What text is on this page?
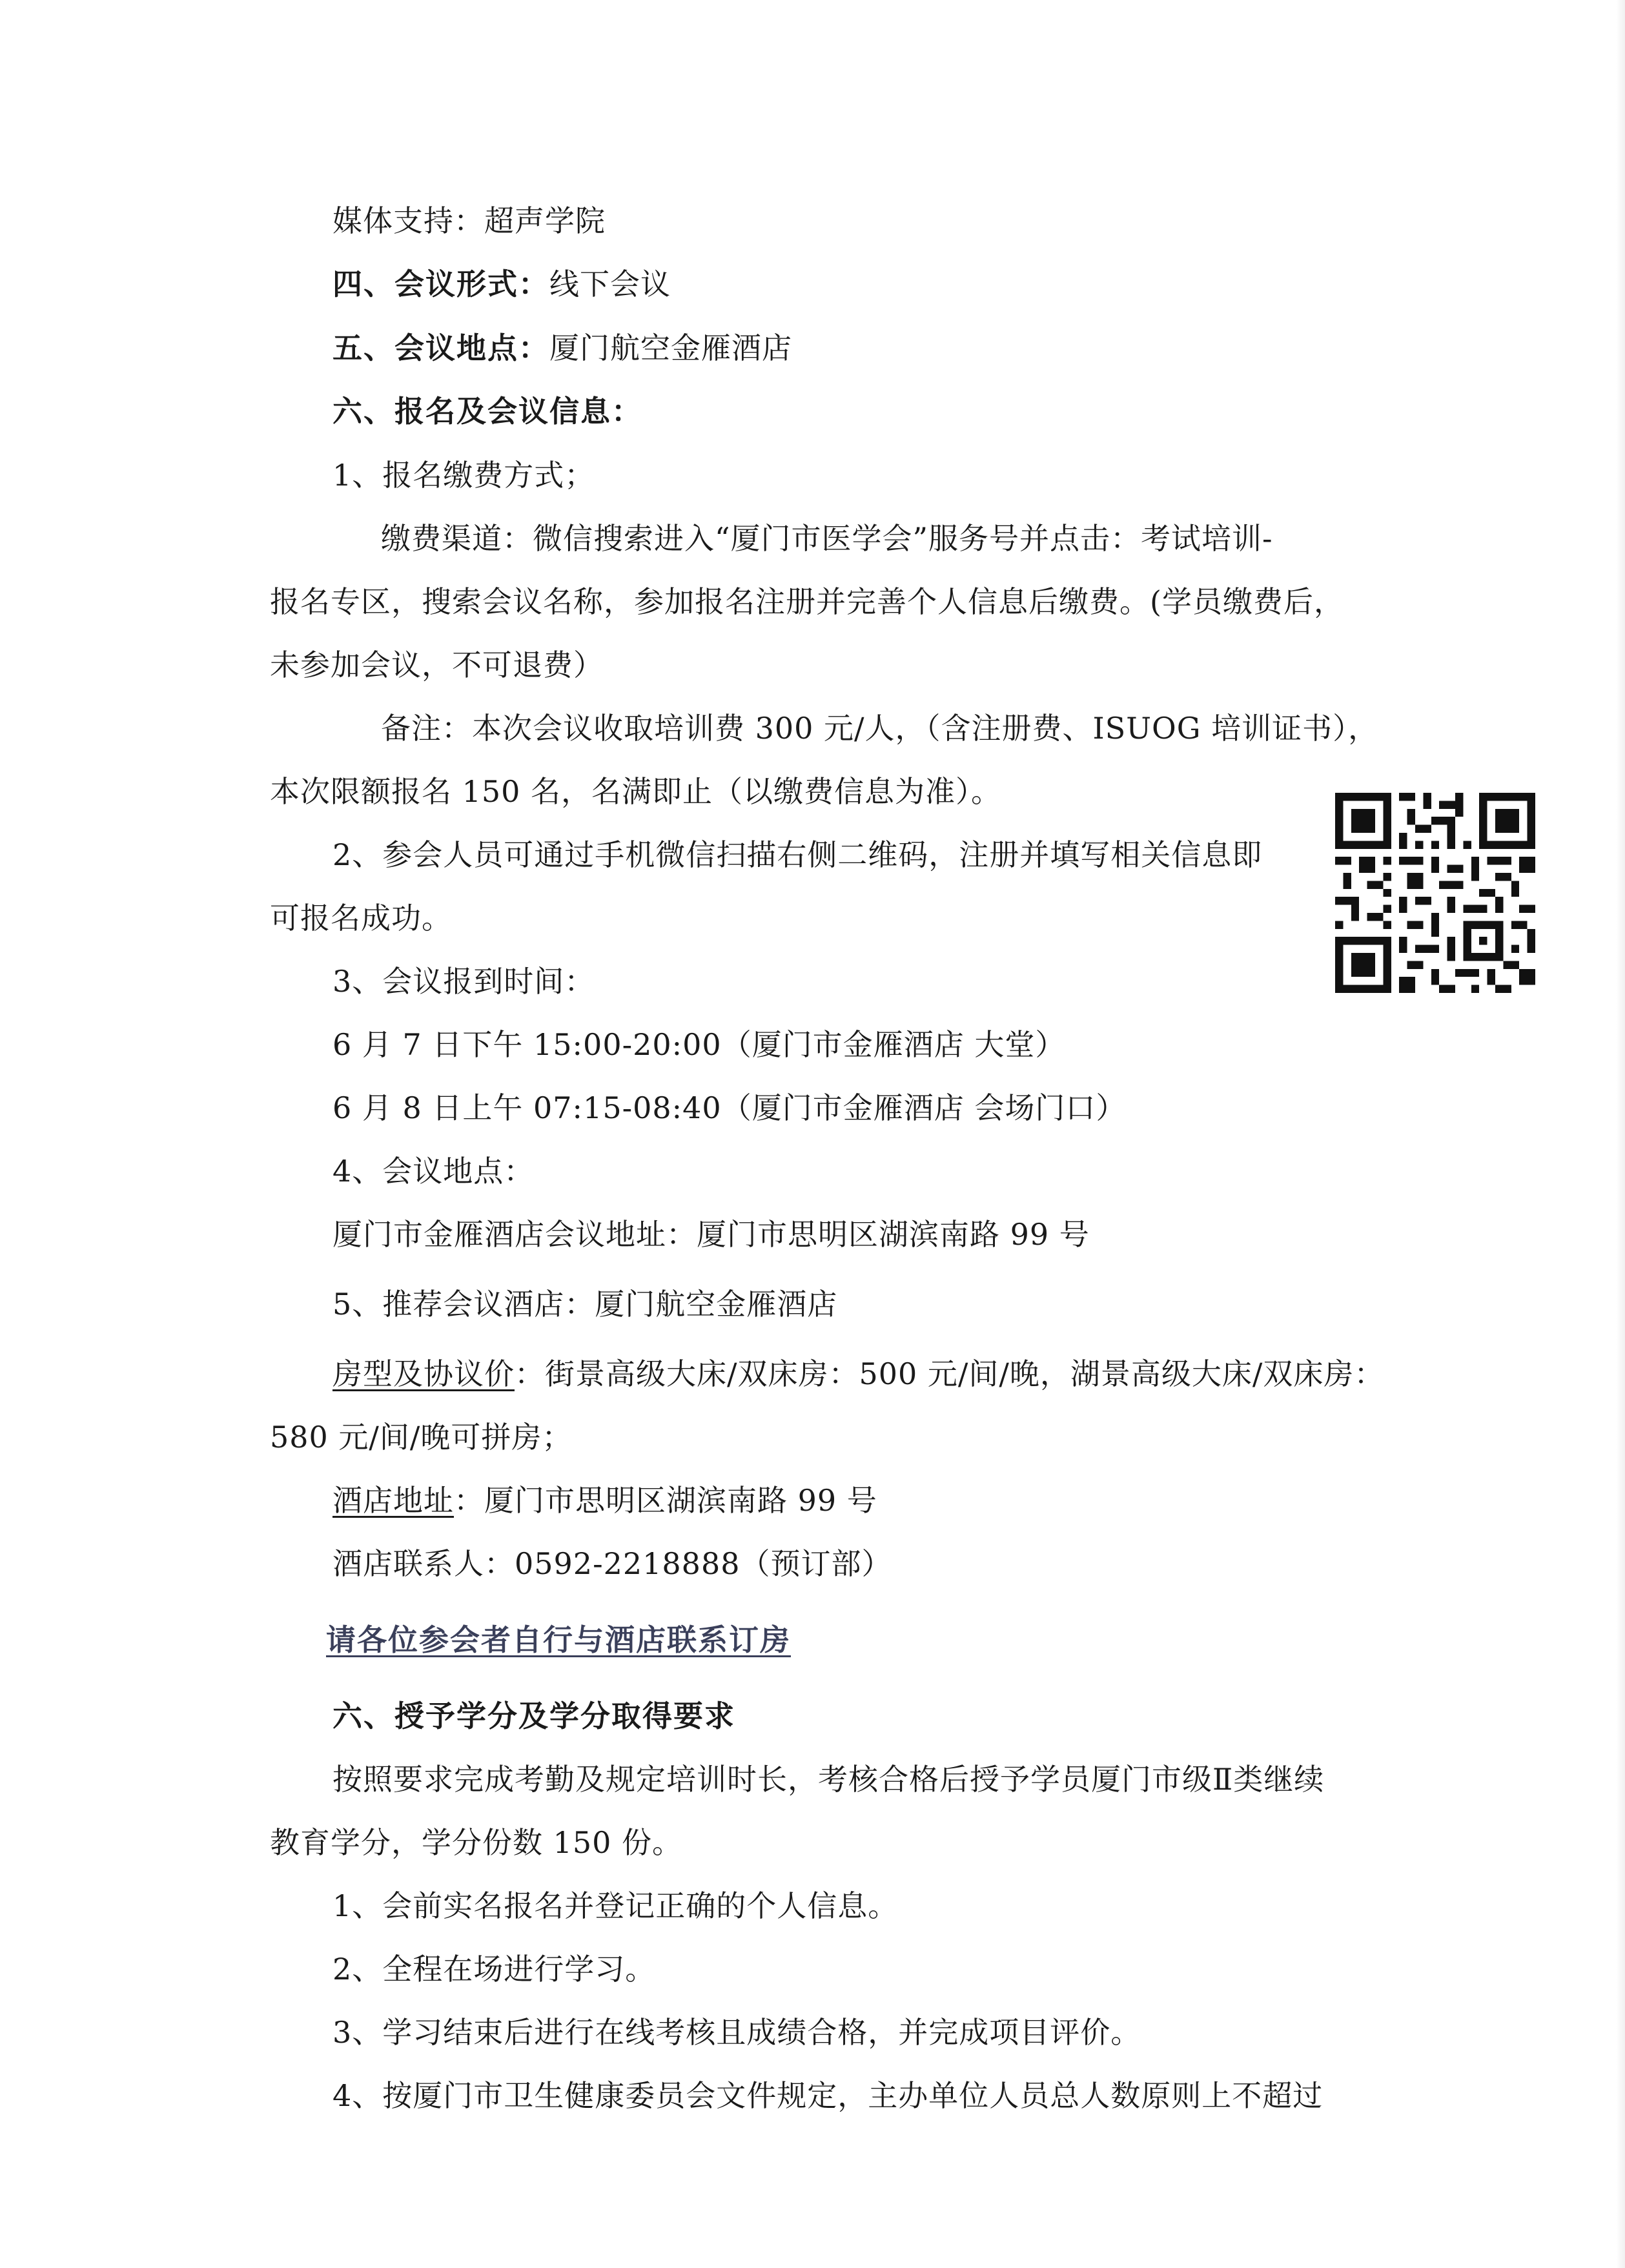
媒体支持：超声学院
四、会议形式：线下会议
五、会议地点：厦门航空金雁酒店
六、报名及会议信息：
1、报名缴费方式；
缴费渠道：微信搜索进入“厦门市医学会”服务号并点击：考试培训-
报名专区，搜索会议名称，参加报名注册并完善个人信息后缴费。(学员缴费后，
未参加会议，不可退费）
备注：本次会议收取培训费 300 元/人，（含注册费、ISUOG 培训证书），
本次限额报名 150 名，名满即止（以缴费信息为准）。
2、参会人员可通过手机微信扫描右侧二维码，注册并填写相关信息即
可报名成功。
3、会议报到时间：
6 月 7 日下午 15:00-20:00（厦门市金雁酒店 大堂）
6 月 8 日上午 07:15-08:40（厦门市金雁酒店 会场门口）
4、会议地点：
厦门市金雁酒店会议地址：厦门市思明区湖滨南路 99 号
5、推荐会议酒店：厦门航空金雁酒店
房型及协议价：街景高级大床/双床房：500 元/间/晚，湖景高级大床/双床房：
580 元/间/晚可拼房；
酒店地址：厦门市思明区湖滨南路 99 号
酒店联系人：0592-2218888（预订部）
请各位参会者自行与酒店联系订房
六、授予学分及学分取得要求
按照要求完成考勤及规定培训时长，考核合格后授予学员厦门市级Ⅱ类继续
教育学分，学分份数 150 份。
1、会前实名报名并登记正确的个人信息。
2、全程在场进行学习。
3、学习结束后进行在线考核且成绩合格，并完成项目评价。
4、按厦门市卫生健康委员会文件规定，主办单位人员总人数原则上不超过
